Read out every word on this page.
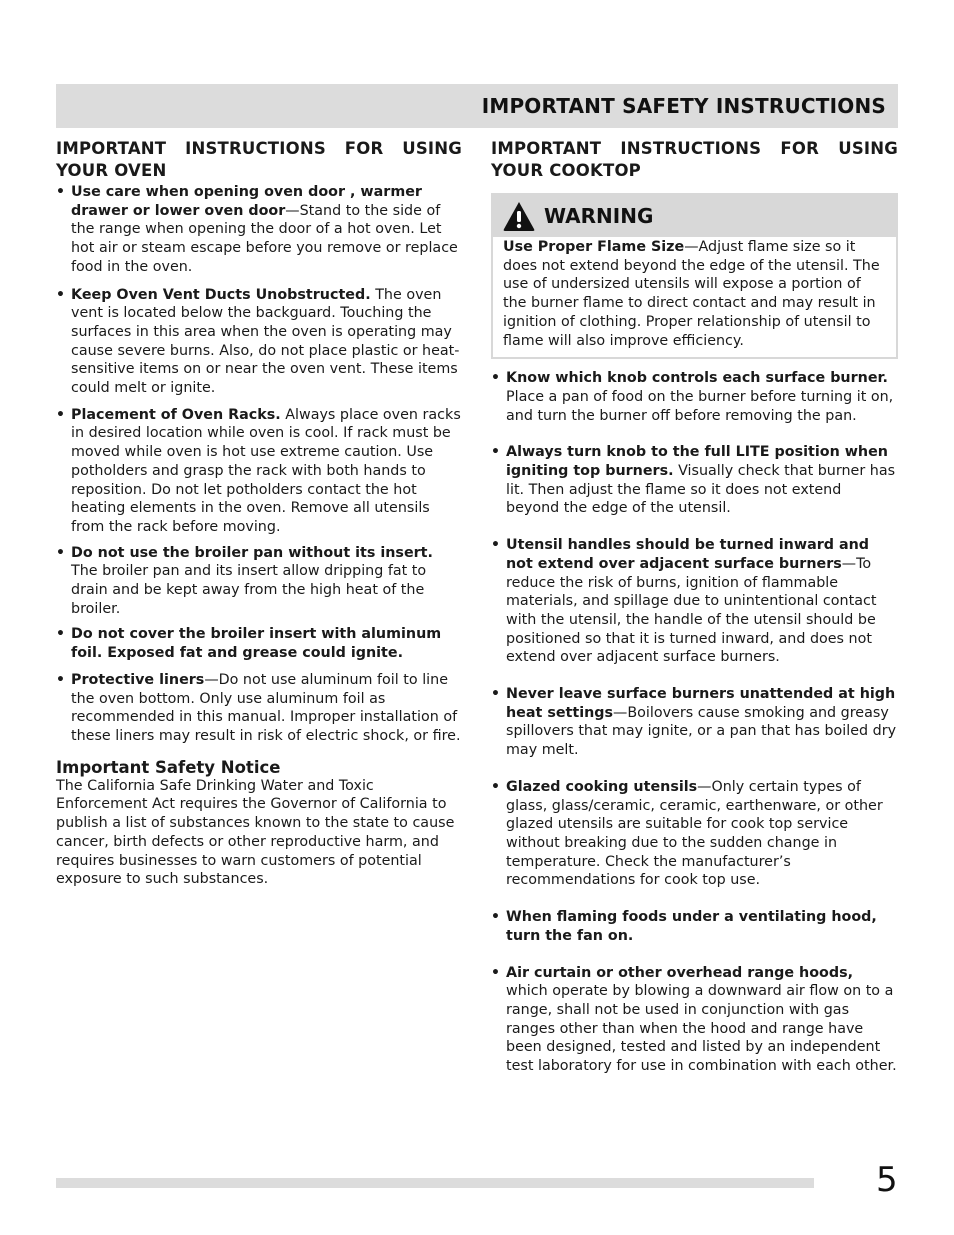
IMPORTANT SAFETY INSTRUCTIONS
IMPORTANT INSTRUCTIONS FOR USING YOUR OVEN
• Use care when opening oven door , warmer drawer or lower oven door—Stand to the side of the range when opening the door of a hot oven. Let hot air or steam escape before you remove or replace food in the oven.
• Keep Oven Vent Ducts Unobstructed. The oven vent is located below the backguard. Touching the surfaces in this area when the oven is operating may cause severe burns. Also, do not place plastic or heat-sensitive items on or near the oven vent. These items could melt or ignite.
• Placement of Oven Racks. Always place oven racks in desired location while oven is cool. If rack must be moved while oven is hot use extreme caution. Use potholders and grasp the rack with both hands to reposition. Do not let potholders contact the hot heating elements in the oven. Remove all utensils from the rack before moving.
• Do not use the broiler pan without its insert. The broiler pan and its insert allow dripping fat to drain and be kept away from the high heat of the broiler.
• Do not cover the broiler insert with aluminum foil. Exposed fat and grease could ignite.
• Protective liners—Do not use aluminum foil to line the oven bottom. Only use aluminum foil as recommended in this manual. Improper installation of these liners may result in risk of electric shock, or fire.
Important Safety Notice

The California Safe Drinking Water and Toxic Enforcement Act requires the Governor of California to publish a list of substances known to the state to cause cancer, birth defects or other reproductive harm, and requires businesses to warn customers of potential exposure to such substances.

IMPORTANT INSTRUCTIONS FOR USING YOUR COOKTOP
WARNING
Use Proper Flame Size—Adjust flame size so it does not extend beyond the edge of the utensil. The use of undersized utensils will expose a portion of the burner flame to direct contact and may result in ignition of clothing. Proper relationship of utensil to flame will also improve efficiency.
• Know which knob controls each surface burner. Place a pan of food on the burner before turning it on, and turn the burner off before removing the pan.
• Always turn knob to the full LITE position when igniting top burners. Visually check that burner has lit. Then adjust the flame so it does not extend beyond the edge of the utensil.
• Utensil handles should be turned inward and not extend over adjacent surface burners—To reduce the risk of burns, ignition of flammable materials, and spillage due to unintentional contact with the utensil, the handle of the utensil should be positioned so that it is turned inward, and does not extend over adjacent surface burners.
• Never leave surface burners unattended at high heat settings—Boilovers cause smoking and greasy spillovers that may ignite, or a pan that has boiled dry may melt.
• Glazed cooking utensils—Only certain types of glass, glass/ceramic, ceramic, earthenware, or other glazed utensils are suitable for cook top service without breaking due to the sudden change in temperature. Check the manufacturer’s recommendations for cook top use.
• When flaming foods under a ventilating hood, turn the fan on.
• Air curtain or other overhead range hoods, which operate by blowing a downward air flow on to a range, shall not be used in conjunction with gas ranges other than when the hood and range have been designed, tested and listed by an independent test laboratory for use in combination with each other.
5
